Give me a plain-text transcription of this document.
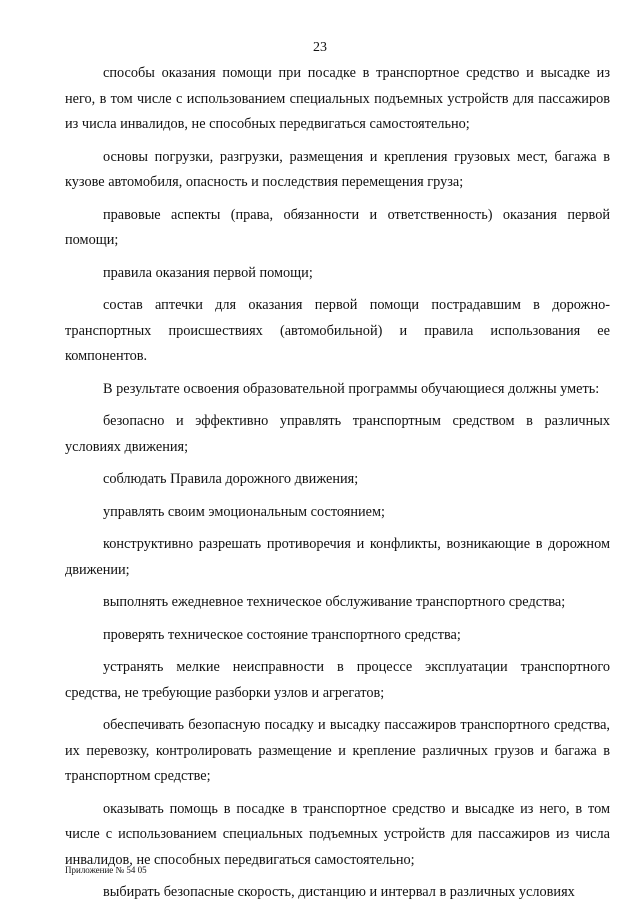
23

способы оказания помощи при посадке в транспортное средство и высадке из него, в том числе с использованием специальных подъемных устройств для пассажиров из числа инвалидов, не способных передвигаться самостоятельно;

основы погрузки, разгрузки, размещения и крепления грузовых мест, багажа в кузове автомобиля, опасность и последствия перемещения груза;

правовые аспекты (права, обязанности и ответственность) оказания первой помощи;

правила оказания первой помощи;

состав аптечки для оказания первой помощи пострадавшим в дорожно-транспортных происшествиях (автомобильной) и правила использования ее компонентов.

В результате освоения образовательной программы обучающиеся должны уметь:

безопасно и эффективно управлять транспортным средством в различных условиях движения;

соблюдать Правила дорожного движения;

управлять своим эмоциональным состоянием;

конструктивно разрешать противоречия и конфликты, возникающие в дорожном движении;

выполнять ежедневное техническое обслуживание транспортного средства;

проверять техническое состояние транспортного средства;

устранять мелкие неисправности в процессе эксплуатации транспортного средства, не требующие разборки узлов и агрегатов;

обеспечивать безопасную посадку и высадку пассажиров транспортного средства, их перевозку, контролировать размещение и крепление различных грузов и багажа в транспортном средстве;

оказывать помощь в посадке в транспортное средство и высадке из него, в том числе с использованием специальных подъемных устройств для пассажиров из числа инвалидов, не способных передвигаться самостоятельно;

выбирать безопасные скорость, дистанцию и интервал в различных условиях

Приложение № 54 05
